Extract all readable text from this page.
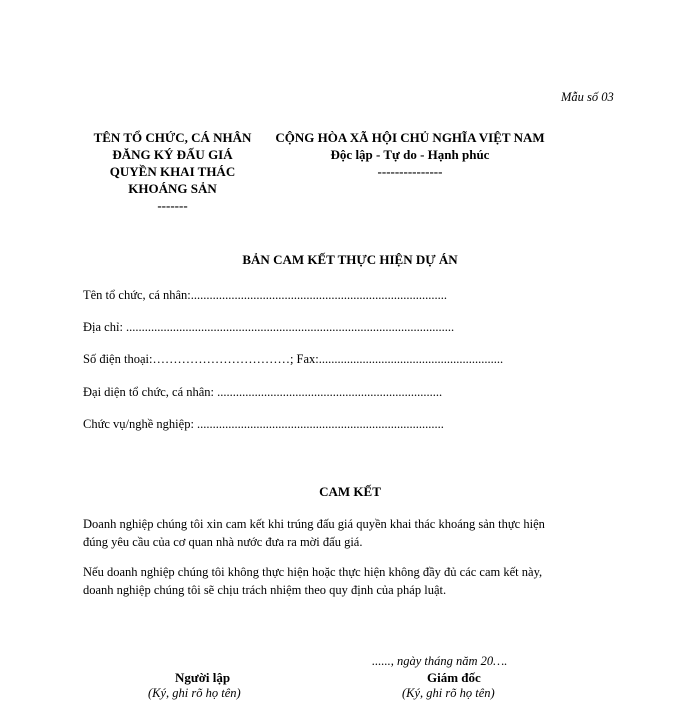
Mẫu số 03
TÊN TỔ CHỨC, CÁ NHÂN
ĐĂNG KÝ ĐẤU GIÁ
QUYỀN KHAI THÁC
KHOÁNG SẢN
-------
CỘNG HÒA XÃ HỘI CHỦ NGHĨA VIỆT NAM
Độc lập - Tự do - Hạnh phúc
---------------
BẢN CAM KẾT THỰC HIỆN DỰ ÁN
Tên tổ chức, cá nhân:..................................................................................
Địa chỉ: .........................................................................................................
Số điện thoại:……………………………; Fax:...........................................................
Đại diện tổ chức, cá nhân: ........................................................................
Chức vụ/nghề nghiệp: ...............................................................................
CAM KẾT
Doanh nghiệp chúng tôi xin cam kết khi trúng đấu giá quyền khai thác khoáng sản thực hiện
đúng yêu cầu của cơ quan nhà nước đưa ra mời đấu giá.
Nếu doanh nghiệp chúng tôi không thực hiện hoặc thực hiện không đầy đủ các cam kết này,
doanh nghiệp chúng tôi sẽ chịu trách nhiệm theo quy định của pháp luật.
......, ngày tháng năm 20….
Người lập
(Ký, ghi rõ họ tên)
Giám đốc
(Ký, ghi rõ họ tên)
